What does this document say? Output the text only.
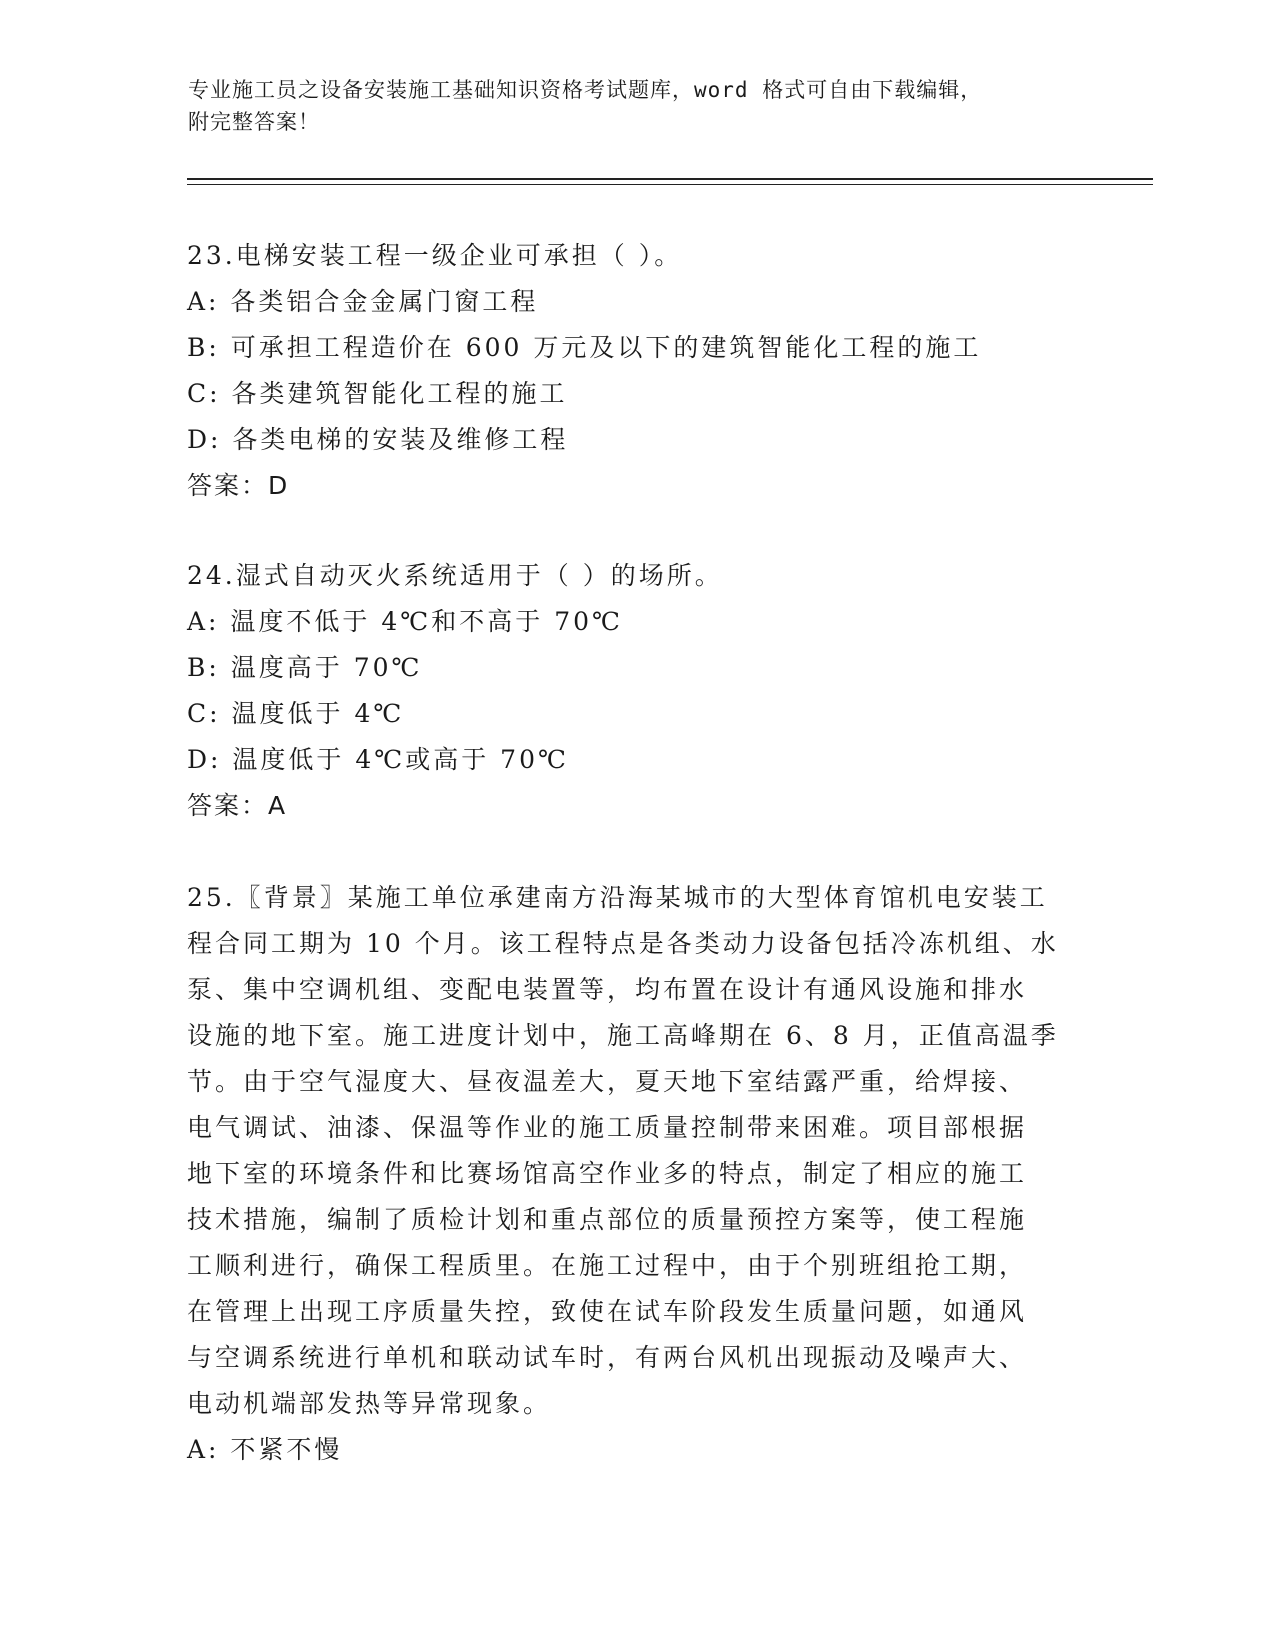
专业施工员之设备安装施工基础知识资格考试题库，word 格式可自由下载编辑，
附完整答案！
23.电梯安装工程一级企业可承担（ ）。
A: 各类铝合金金属门窗工程
B: 可承担工程造价在 600 万元及以下的建筑智能化工程的施工
C: 各类建筑智能化工程的施工
D: 各类电梯的安装及维修工程
答案：D
24.湿式自动灭火系统适用于（ ）的场所。
A: 温度不低于 4℃和不高于 70℃
B: 温度高于 70℃
C: 温度低于 4℃
D: 温度低于 4℃或高于 70℃
答案：A
25.〖背景〗某施工单位承建南方沿海某城市的大型体育馆机电安装工
程合同工期为 10 个月。该工程特点是各类动力设备包括冷冻机组、水
泵、集中空调机组、变配电装置等，均布置在设计有通风设施和排水
设施的地下室。施工进度计划中，施工高峰期在 6、8 月，正值高温季
节。由于空气湿度大、昼夜温差大，夏天地下室结露严重，给焊接、
电气调试、油漆、保温等作业的施工质量控制带来困难。项目部根据
地下室的环境条件和比赛场馆高空作业多的特点，制定了相应的施工
技术措施，编制了质检计划和重点部位的质量预控方案等，使工程施
工顺利进行，确保工程质里。在施工过程中，由于个别班组抢工期，
在管理上出现工序质量失控，致使在试车阶段发生质量问题，如通风
与空调系统进行单机和联动试车时，有两台风机出现振动及噪声大、
电动机端部发热等异常现象。
A: 不紧不慢
